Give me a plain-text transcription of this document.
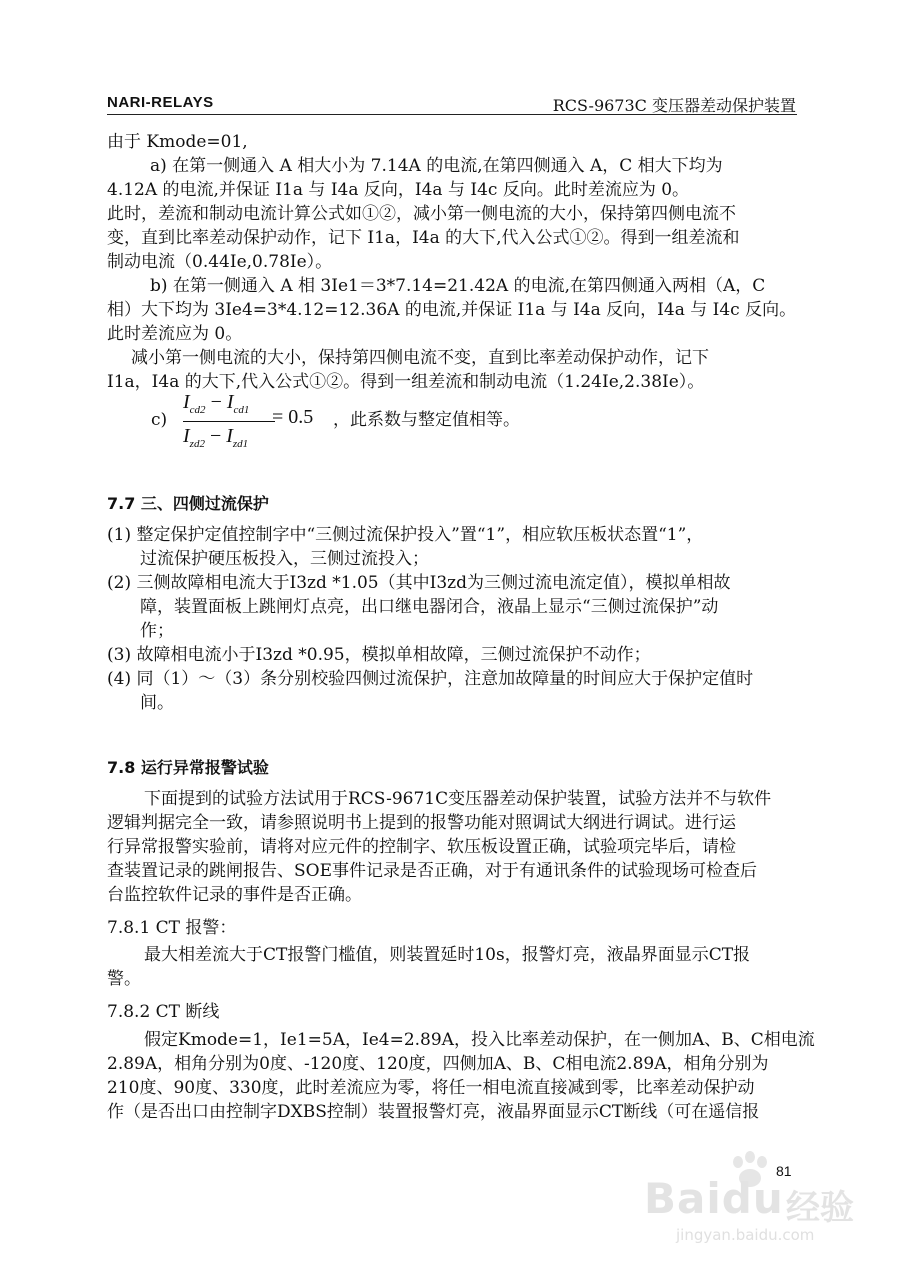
NARI-RELAYS	RCS-9673C 变压器差动保护装置
由于 Kmode=01,
a) 在第一侧通入 A 相大小为 7.14A 的电流,在第四侧通入 A，C 相大下均为
4.12A 的电流,并保证 I1a 与 I4a 反向，I4a 与 I4c 反向。此时差流应为 0。
此时，差流和制动电流计算公式如①②，减小第一侧电流的大小，保持第四侧电流不
变，直到比率差动保护动作，记下 I1a，I4a 的大下,代入公式①②。得到一组差流和
制动电流（0.44Ie,0.78Ie）。
b) 在第一侧通入 A 相 3Ie1＝3*7.14=21.42A 的电流,在第四侧通入两相（A，C
相）大下均为 3Ie4=3*4.12=12.36A 的电流,并保证 I1a 与 I4a 反向，I4a 与 I4c 反向。
此时差流应为 0。
减小第一侧电流的大小，保持第四侧电流不变，直到比率差动保护动作，记下
I1a，I4a 的大下,代入公式①②。得到一组差流和制动电流（1.24Ie,2.38Ie）。
c)
$I_{cd2} - I_{cd1}$
$I_{zd2} - I_{zd1}$
= 0.5 ，此系数与整定值相等。
7.7 三、四侧过流保护
(1) 整定保护定值控制字中“三侧过流保护投入”置“1”，相应软压板状态置“1”，
过流保护硬压板投入，三侧过流投入；
(2) 三侧故障相电流大于I3zd *1.05（其中I3zd为三侧过流电流定值），模拟单相故
障，装置面板上跳闸灯点亮，出口继电器闭合，液晶上显示“三侧过流保护”动
作；
(3) 故障相电流小于I3zd *0.95，模拟单相故障，三侧过流保护不动作；
(4) 同（1）～（3）条分别校验四侧过流保护，注意加故障量的时间应大于保护定值时
间。
7.8 运行异常报警试验
下面提到的试验方法试用于RCS-9671C变压器差动保护装置，试验方法并不与软件
逻辑判据完全一致，请参照说明书上提到的报警功能对照调试大纲进行调试。进行运
行异常报警实验前，请将对应元件的控制字、软压板设置正确，试验项完毕后，请检
查装置记录的跳闸报告、SOE事件记录是否正确，对于有通讯条件的试验现场可检查后
台监控软件记录的事件是否正确。
7.8.1 CT 报警：
最大相差流大于CT报警门槛值，则装置延时10s，报警灯亮，液晶界面显示CT报
警。
7.8.2 CT 断线
假定Kmode=1，Ie1=5A，Ie4=2.89A，投入比率差动保护，在一侧加A、B、C相电流
2.89A，相角分别为0度、-120度、120度，四侧加A、B、C相电流2.89A，相角分别为
210度、90度、330度，此时差流应为零，将任一相电流直接减到零，比率差动保护动
作（是否出口由控制字DXBS控制）装置报警灯亮，液晶界面显示CT断线（可在遥信报
81
Baidu 经验
jingyan.baidu.com
